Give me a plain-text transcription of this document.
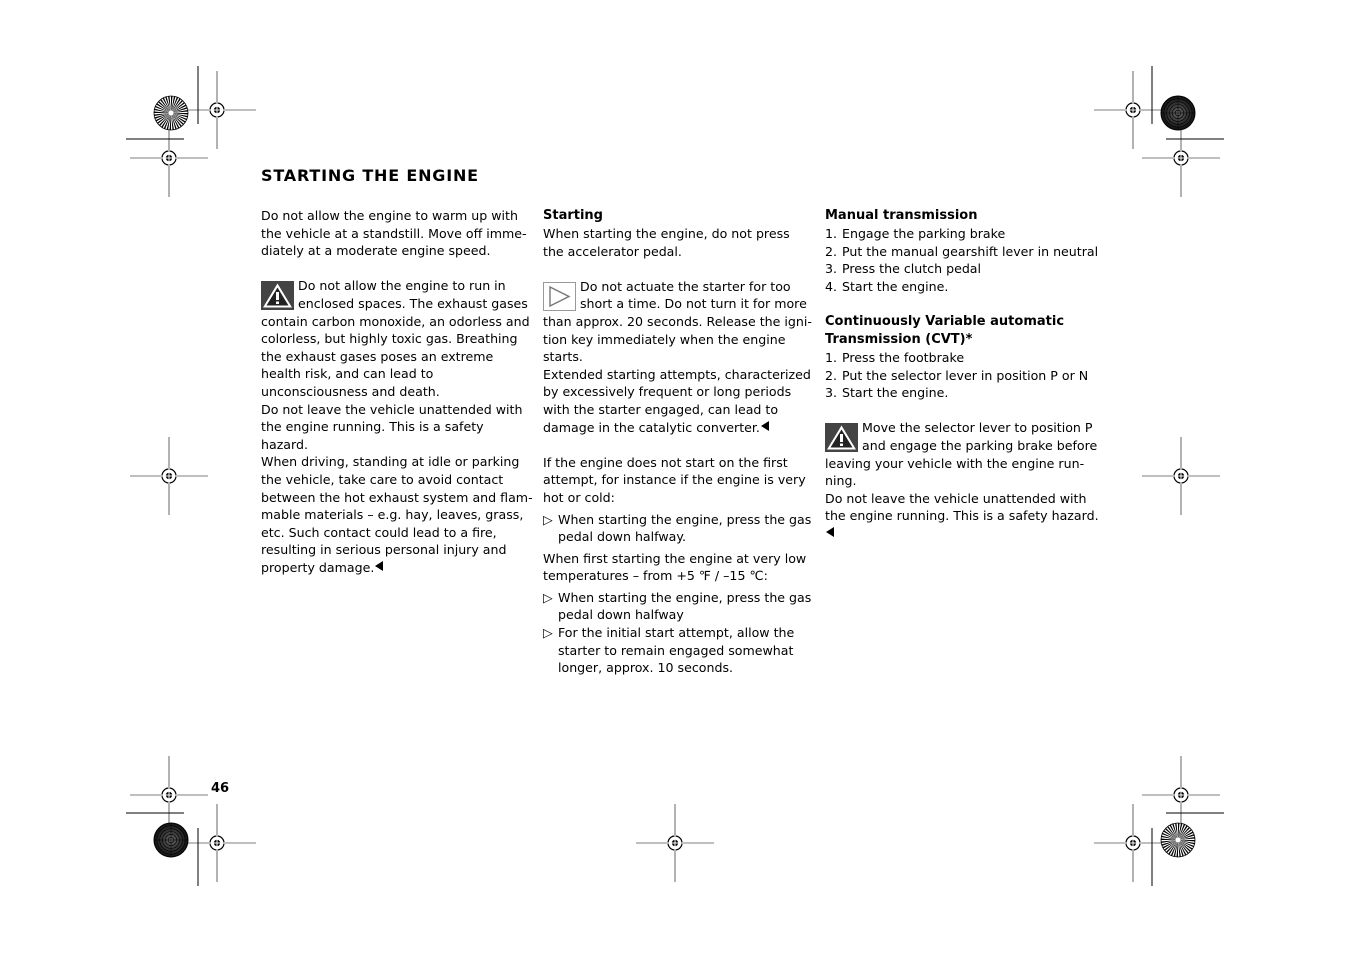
STARTING THE ENGINE

Do not allow the engine to warm up with the vehicle at a standstill. Move off immediately at a moderate engine speed.

Do not allow the engine to run in enclosed spaces. The exhaust gases contain carbon monoxide, an odorless and colorless, but highly toxic gas. Breathing the exhaust gases poses an extreme health risk, and can lead to unconsciousness and death.

Do not leave the vehicle unattended with the engine running. This is a safety hazard.

When driving, standing at idle or parking the vehicle, take care to avoid contact between the hot exhaust system and flammable materials – e.g. hay, leaves, grass, etc. Such contact could lead to a fire, resulting in serious personal injury and property damage.

Starting

When starting the engine, do not press the accelerator pedal.

Do not actuate the starter for too short a time. Do not turn it for more than approx. 20 seconds. Release the ignition key immediately when the engine starts.

Extended starting attempts, characterized by excessively frequent or long periods with the starter engaged, can lead to damage in the catalytic converter.

If the engine does not start on the first attempt, for instance if the engine is very hot or cold:

▷ When starting the engine, press the gas pedal down halfway.

When first starting the engine at very low temperatures – from +5 ℉ / –15 ℃:

▷ When starting the engine, press the gas pedal down halfway
▷ For the initial start attempt, allow the starter to remain engaged somewhat longer, approx. 10 seconds.

Manual transmission

1. Engage the parking brake
2. Put the manual gearshift lever in neutral
3. Press the clutch pedal
4. Start the engine.

Continuously Variable automatic Transmission (CVT)*

1. Press the footbrake
2. Put the selector lever in position P or N
3. Start the engine.

Move the selector lever to position P and engage the parking brake before leaving your vehicle with the engine running.

Do not leave the vehicle unattended with the engine running. This is a safety hazard.

46
